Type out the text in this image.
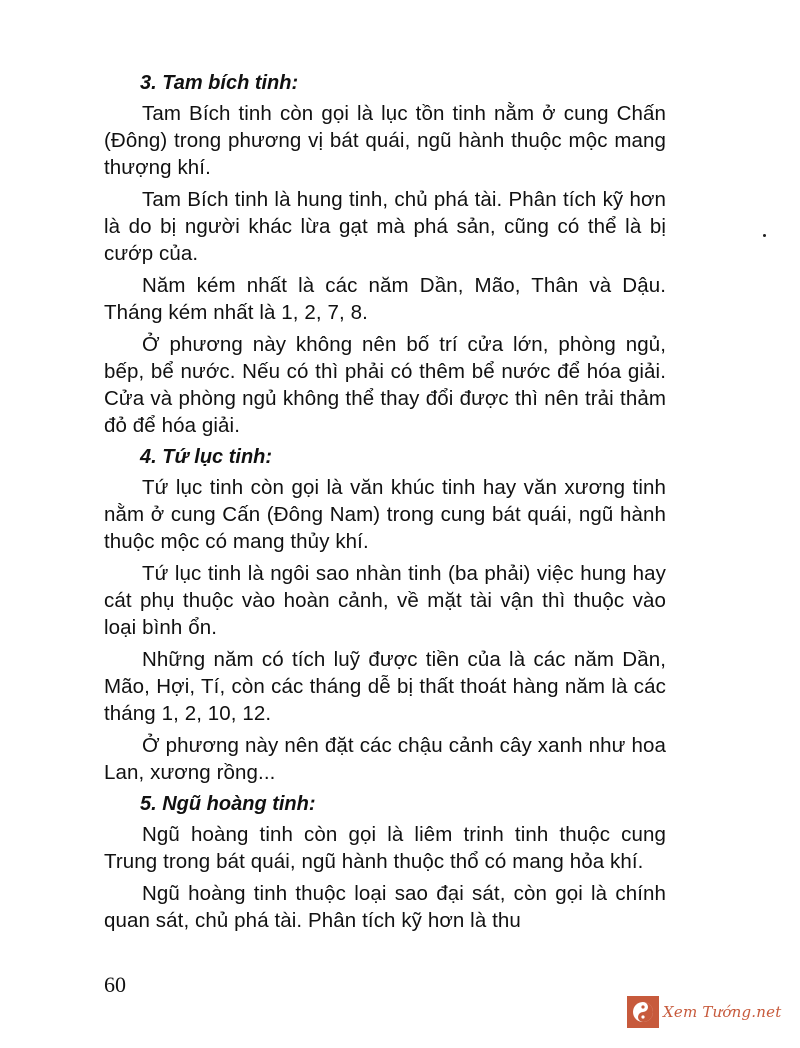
3. Tam bích tinh:

Tam Bích tinh còn gọi là lục tồn tinh nằm ở cung Chấn (Đông) trong phương vị bát quái, ngũ hành thuộc mộc mang thượng khí.

Tam Bích tinh là hung tinh, chủ phá tài. Phân tích kỹ hơn là do bị người khác lừa gạt mà phá sản, cũng có thể là bị cướp của.

Năm kém nhất là các năm Dần, Mão, Thân và Dậu. Tháng kém nhất là 1, 2, 7, 8.

Ở phương này không nên bố trí cửa lớn, phòng ngủ, bếp, bể nước. Nếu có thì phải có thêm bể nước để hóa giải. Cửa và phòng ngủ không thể thay đổi được thì nên trải thảm đỏ để hóa giải.

4. Tứ lục tinh:

Tứ lục tinh còn gọi là văn khúc tinh hay văn xương tinh nằm ở cung Cấn (Đông Nam) trong cung bát quái, ngũ hành thuộc mộc có mang thủy khí.

Tứ lục tinh là ngôi sao nhàn tinh (ba phải) việc hung hay cát phụ thuộc vào hoàn cảnh, về mặt tài vận thì thuộc vào loại bình ổn.

Những năm có tích luỹ được tiền của là các năm Dần, Mão, Hợi, Tí, còn các tháng dễ bị thất thoát hàng năm là các tháng 1, 2, 10, 12.

Ở phương này nên đặt các chậu cảnh cây xanh như hoa Lan, xương rồng...

5. Ngũ hoàng tinh:

Ngũ hoàng tinh còn gọi là liêm trinh tinh thuộc cung Trung trong bát quái, ngũ hành thuộc thổ có mang hỏa khí.

Ngũ hoàng tinh thuộc loại sao đại sát, còn gọi là chính quan sát, chủ phá tài. Phân tích kỹ hơn là thu

60
Xem Tướng.net
